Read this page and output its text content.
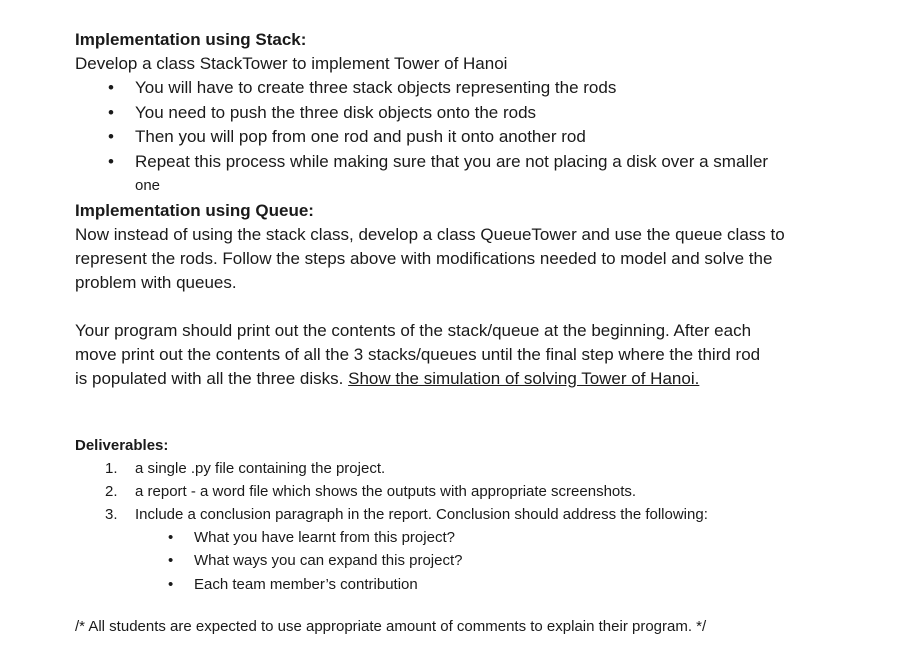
Implementation using Stack:

Develop a class StackTower to implement Tower of Hanoi

• You will have to create three stack objects representing the rods
• You need to push the three disk objects onto the rods
• Then you will pop from one rod and push it onto another rod
• Repeat this process while making sure that you are not placing a disk over a smaller
one

Implementation using Queue:

Now instead of using the stack class, develop a class QueueTower and use the queue class to

represent the rods. Follow the steps above with modifications needed to model and solve the

problem with queues.

Your program should print out the contents of the stack/queue at the beginning. After each

move print out the contents of all the 3 stacks/queues until the final step where the third rod

is populated with all the three disks. Show the simulation of solving Tower of Hanoi.

Deliverables:

1. a single .py file containing the project.
2. a report - a word file which shows the outputs with appropriate screenshots.
3. Include a conclusion paragraph in the report. Conclusion should address the following:
• What you have learnt from this project?
• What ways you can expand this project?
• Each team member’s contribution

/* All students are expected to use appropriate amount of comments to explain their program. */
